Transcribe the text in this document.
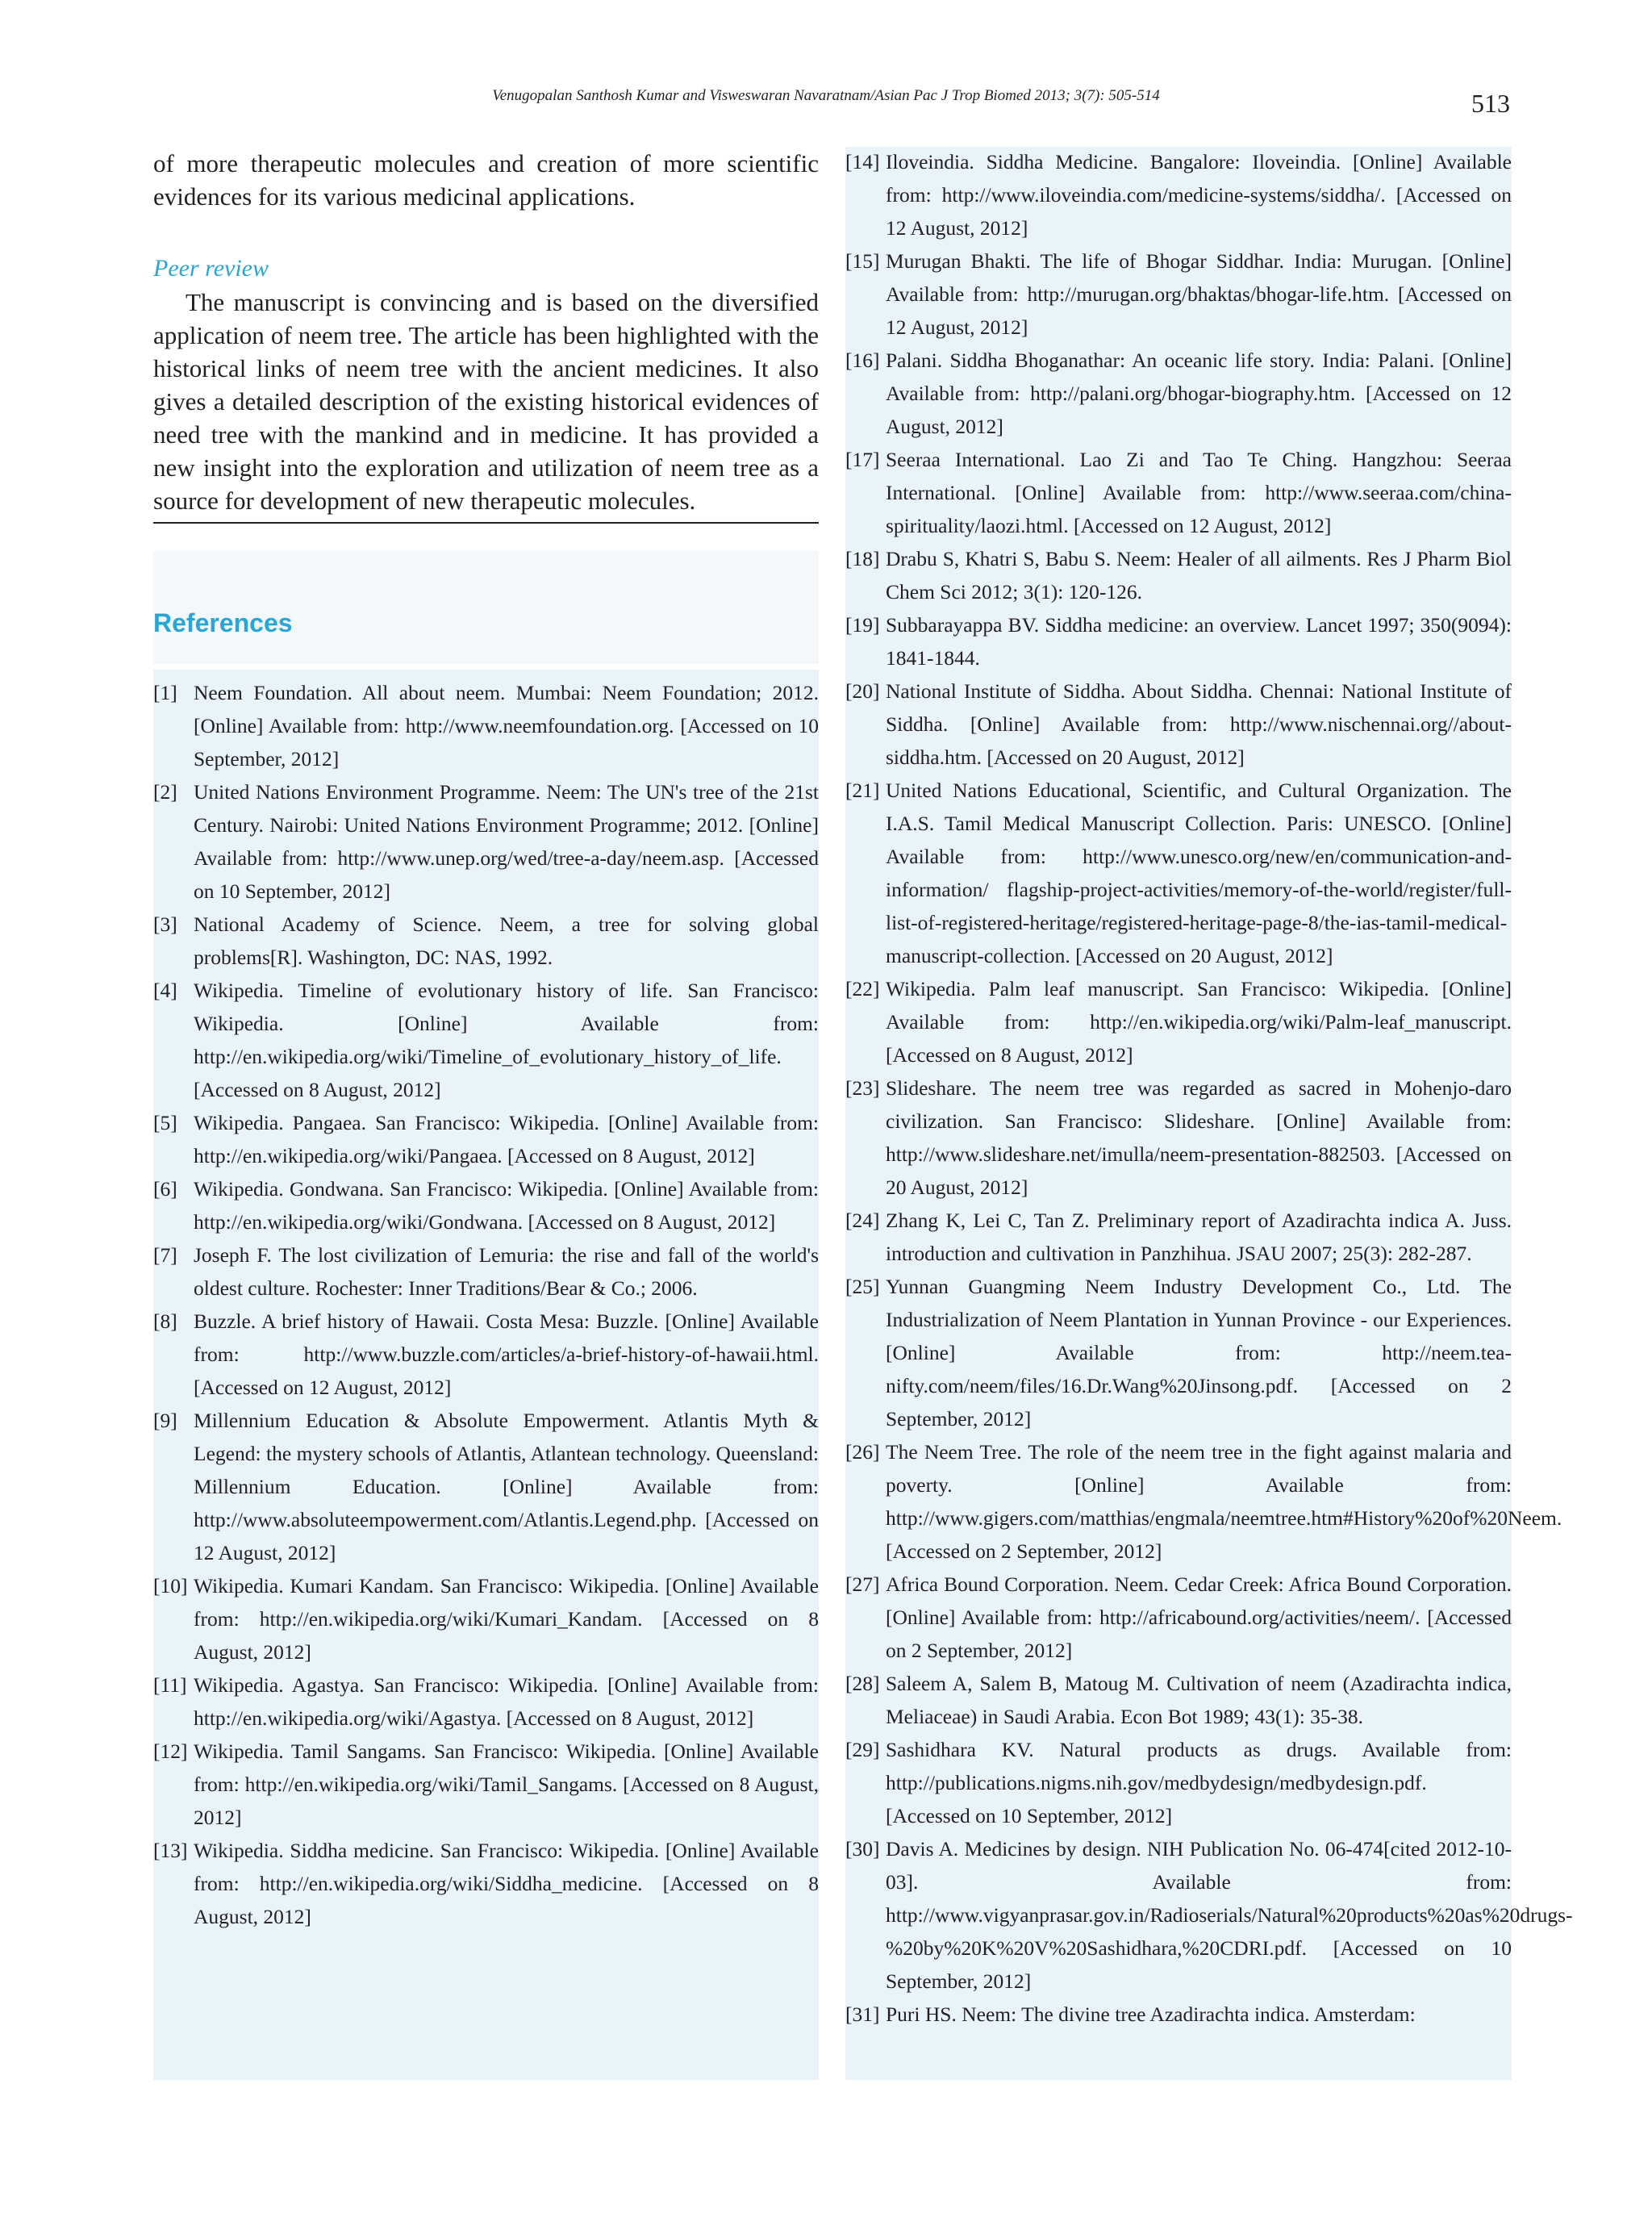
Venugopalan Santhosh Kumar and Visweswaran Navaratnam/Asian Pac J Trop Biomed 2013; 3(7): 505-514	513

of more therapeutic molecules and creation of more scientific evidences for its various medicinal applications.

Peer review

The manuscript is convincing and is based on the diversified application of neem tree. The article has been highlighted with the historical links of neem tree with the ancient medicines. It also gives a detailed description of the existing historical evidences of need tree with the mankind and in medicine. It has provided a new insight into the exploration and utilization of neem tree as a source for development of new therapeutic molecules.

References
[1] Neem Foundation. All about neem. Mumbai: Neem Foundation; 2012. [Online] Available from: http://www.neemfoundation.org. [Accessed on 10 September, 2012]
[2] United Nations Environment Programme. Neem: The UN's tree of the 21st Century. Nairobi: United Nations Environment Programme; 2012. [Online] Available from: http://www.unep.org/wed/tree-a-day/neem.asp. [Accessed on 10 September, 2012]
[3] National Academy of Science. Neem, a tree for solving global problems[R]. Washington, DC: NAS, 1992.
[4] Wikipedia. Timeline of evolutionary history of life. San Francisco: Wikipedia. [Online] Available from: http://en.wikipedia.org/wiki/Timeline_of_evolutionary_history_of_life. [Accessed on 8 August, 2012]
[5] Wikipedia. Pangaea. San Francisco: Wikipedia. [Online] Available from: http://en.wikipedia.org/wiki/Pangaea. [Accessed on 8 August, 2012]
[6] Wikipedia. Gondwana. San Francisco: Wikipedia. [Online] Available from: http://en.wikipedia.org/wiki/Gondwana. [Accessed on 8 August, 2012]
[7] Joseph F. The lost civilization of Lemuria: the rise and fall of the world's oldest culture. Rochester: Inner Traditions/Bear & Co.; 2006.
[8] Buzzle. A brief history of Hawaii. Costa Mesa: Buzzle. [Online] Available from: http://www.buzzle.com/articles/a-brief-history-of-hawaii.html. [Accessed on 12 August, 2012]
[9] Millennium Education & Absolute Empowerment. Atlantis Myth & Legend: the mystery schools of Atlantis, Atlantean technology. Queensland: Millennium Education. [Online] Available from: http://www.absoluteempowerment.com/Atlantis.Legend.php. [Accessed on 12 August, 2012]
[10] Wikipedia. Kumari Kandam. San Francisco: Wikipedia. [Online] Available from: http://en.wikipedia.org/wiki/Kumari_Kandam. [Accessed on 8 August, 2012]
[11] Wikipedia. Agastya. San Francisco: Wikipedia. [Online] Available from: http://en.wikipedia.org/wiki/Agastya. [Accessed on 8 August, 2012]
[12] Wikipedia. Tamil Sangams. San Francisco: Wikipedia. [Online] Available from: http://en.wikipedia.org/wiki/Tamil_Sangams. [Accessed on 8 August, 2012]
[13] Wikipedia. Siddha medicine. San Francisco: Wikipedia. [Online] Available from: http://en.wikipedia.org/wiki/Siddha_medicine. [Accessed on 8 August, 2012]
[14] Iloveindia. Siddha Medicine. Bangalore: Iloveindia. [Online] Available from: http://www.iloveindia.com/medicine-systems/siddha/. [Accessed on 12 August, 2012]
[15] Murugan Bhakti. The life of Bhogar Siddhar. India: Murugan. [Online] Available from: http://murugan.org/bhaktas/bhogar-life.htm. [Accessed on 12 August, 2012]
[16] Palani. Siddha Bhoganathar: An oceanic life story. India: Palani. [Online] Available from: http://palani.org/bhogar-biography.htm. [Accessed on 12 August, 2012]
[17] Seeraa International. Lao Zi and Tao Te Ching. Hangzhou: Seeraa International. [Online] Available from: http://www.seeraa.com/china-spirituality/laozi.html. [Accessed on 12 August, 2012]
[18] Drabu S, Khatri S, Babu S. Neem: Healer of all ailments. Res J Pharm Biol Chem Sci 2012; 3(1): 120-126.
[19] Subbarayappa BV. Siddha medicine: an overview. Lancet 1997; 350(9094): 1841-1844.
[20] National Institute of Siddha. About Siddha. Chennai: National Institute of Siddha. [Online] Available from: http://www.nischennai.org//about-siddha.htm. [Accessed on 20 August, 2012]
[21] United Nations Educational, Scientific, and Cultural Organization. The I.A.S. Tamil Medical Manuscript Collection. Paris: UNESCO. [Online] Available from: http://www.unesco.org/new/en/communication-and-information/ flagship-project-activities/memory-of-the-world/register/full-list-of-registered-heritage/registered-heritage-page-8/the-ias-tamil-medical-manuscript-collection. [Accessed on 20 August, 2012]
[22] Wikipedia. Palm leaf manuscript. San Francisco: Wikipedia. [Online] Available from: http://en.wikipedia.org/wiki/Palm-leaf_manuscript. [Accessed on 8 August, 2012]
[23] Slideshare. The neem tree was regarded as sacred in Mohenjo-daro civilization. San Francisco: Slideshare. [Online] Available from: http://www.slideshare.net/imulla/neem-presentation-882503. [Accessed on 20 August, 2012]
[24] Zhang K, Lei C, Tan Z. Preliminary report of Azadirachta indica A. Juss. introduction and cultivation in Panzhihua. JSAU 2007; 25(3): 282-287.
[25] Yunnan Guangming Neem Industry Development Co., Ltd. The Industrialization of Neem Plantation in Yunnan Province - our Experiences. [Online] Available from: http://neem.tea-nifty.com/neem/files/16.Dr.Wang%20Jinsong.pdf. [Accessed on 2 September, 2012]
[26] The Neem Tree. The role of the neem tree in the fight against malaria and poverty. [Online] Available from: http://www.gigers.com/matthias/engmala/neemtree.htm#History%20of%20Neem. [Accessed on 2 September, 2012]
[27] Africa Bound Corporation. Neem. Cedar Creek: Africa Bound Corporation. [Online] Available from: http://africabound.org/activities/neem/. [Accessed on 2 September, 2012]
[28] Saleem A, Salem B, Matoug M. Cultivation of neem (Azadirachta indica, Meliaceae) in Saudi Arabia. Econ Bot 1989; 43(1): 35-38.
[29] Sashidhara KV. Natural products as drugs. Available from: http://publications.nigms.nih.gov/medbydesign/medbydesign.pdf. [Accessed on 10 September, 2012]
[30] Davis A. Medicines by design. NIH Publication No. 06-474[cited 2012-10-03]. Available from: http://www.vigyanprasar.gov.in/Radioserials/Natural%20products%20as%20drugs-%20by%20K%20V%20Sashidhara,%20CDRI.pdf. [Accessed on 10 September, 2012]
[31] Puri HS. Neem: The divine tree Azadirachta indica. Amsterdam:
